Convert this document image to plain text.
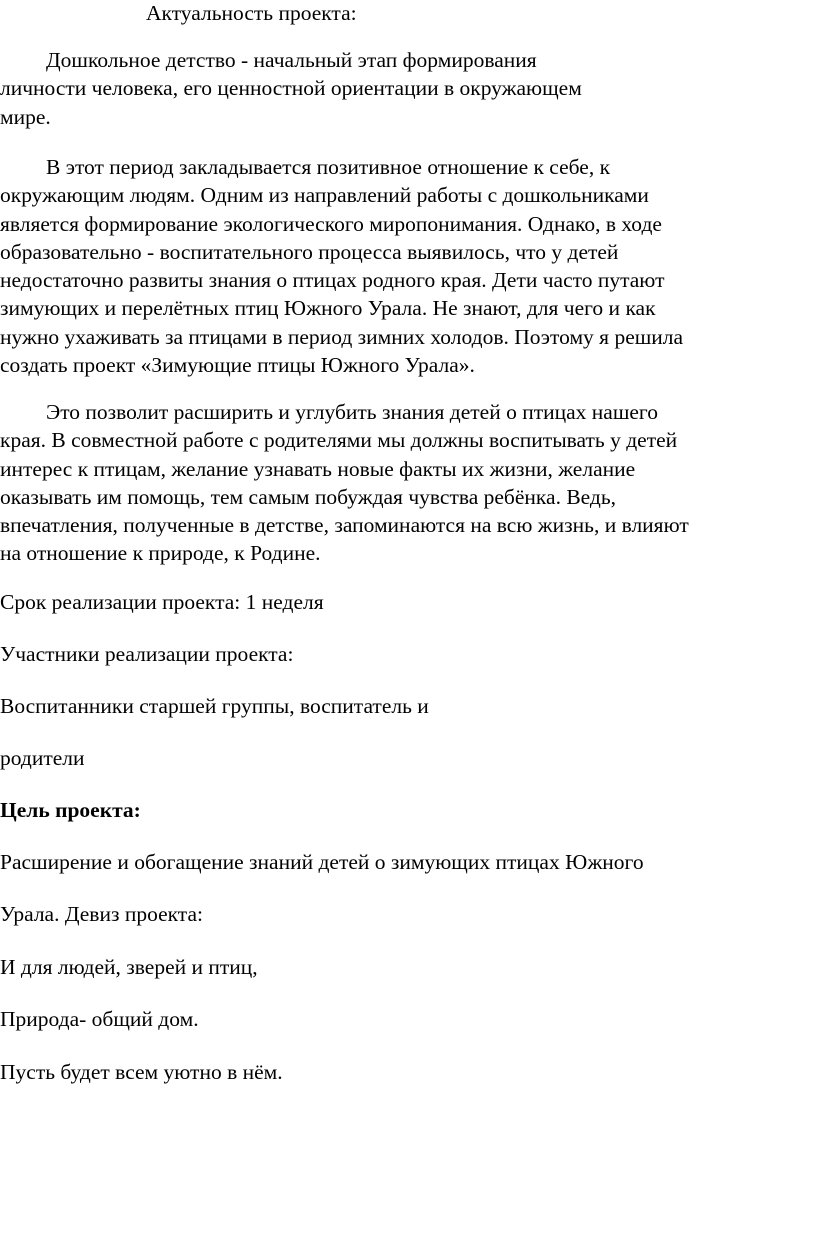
Актуальность проекта:

Дошкольное детство - начальный этап формирования
личности человека, его ценностной ориентации в окружающем
мире.

В этот период закладывается позитивное отношение к себе, к
окружающим людям. Одним из направлений работы с дошкольниками
является формирование экологического миропонимания. Однако, в ходе
образовательно - воспитательного процесса выявилось, что у детей
недостаточно развиты знания о птицах родного края. Дети часто путают
зимующих и перелётных птиц Южного Урала. Не знают, для чего и как
нужно ухаживать за птицами в период зимних холодов. Поэтому я решила
создать проект «Зимующие птицы Южного Урала».

Это позволит расширить и углубить знания детей о птицах нашего
края. В совместной работе с родителями мы должны воспитывать у детей
интерес к птицам, желание узнавать новые факты их жизни, желание
оказывать им помощь, тем самым побуждая чувства ребёнка. Ведь,
впечатления, полученные в детстве, запоминаются на всю жизнь, и влияют
на отношение к природе, к Родине.

Срок реализации проекта: 1 неделя
Участники реализации проекта:
Воспитанники старшей группы, воспитатель и
родители
Цель проекта:
Расширение и обогащение знаний детей о зимующих птицах Южного
Урала. Девиз проекта:
И для людей, зверей и птиц,
Природа- общий дом.
Пусть будет всем уютно в нём.
